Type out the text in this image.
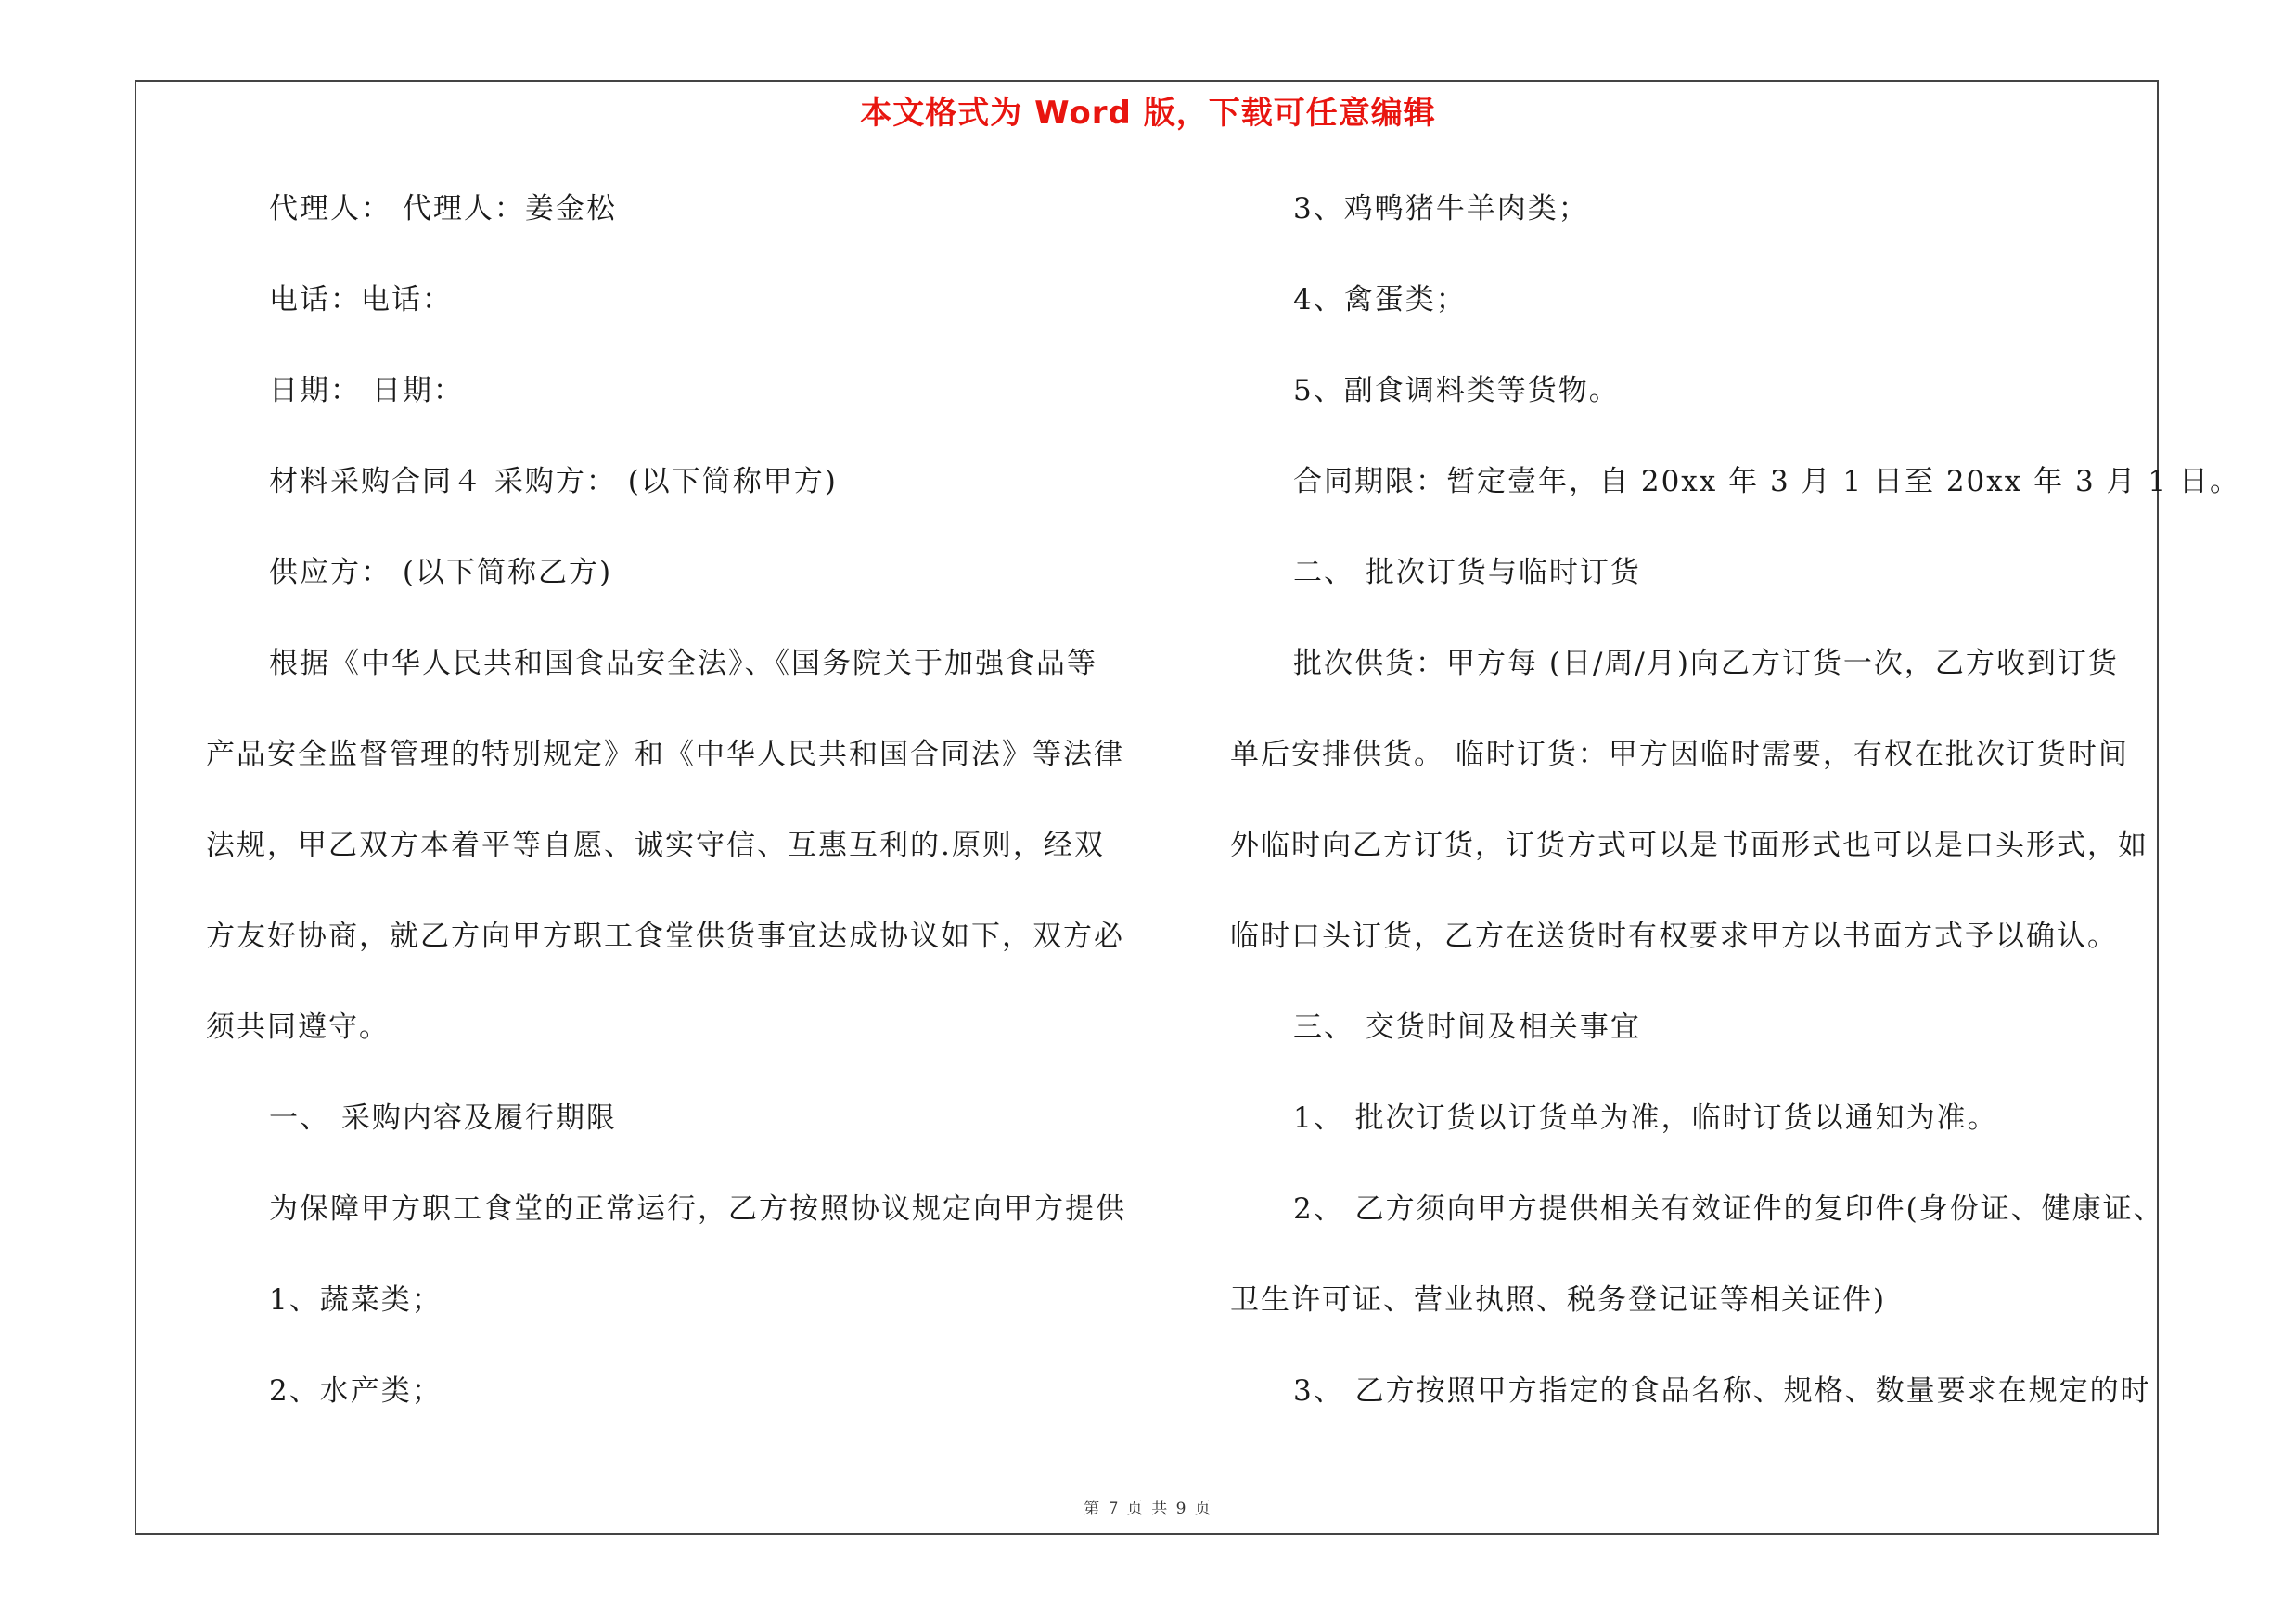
本文格式为 Word 版，下载可任意编辑
代理人： 代理人：姜金松
电话：电话：
日期： 日期：
材料采购合同４ 采购方： (以下简称甲方)
供应方： (以下简称乙方)
根据《中华人民共和国食品安全法》、《国务院关于加强食品等
产品安全监督管理的特别规定》和《中华人民共和国合同法》等法律
法规，甲乙双方本着平等自愿、诚实守信、互惠互利的.原则，经双
方友好协商，就乙方向甲方职工食堂供货事宜达成协议如下，双方必
须共同遵守。
一、 采购内容及履行期限
为保障甲方职工食堂的正常运行，乙方按照协议规定向甲方提供
1、蔬菜类；
2、水产类；
3、鸡鸭猪牛羊肉类；
4、禽蛋类；
5、副食调料类等货物。
合同期限：暂定壹年，自 20xx 年 3 月 1 日至 20xx 年 3 月 1 日。
二、 批次订货与临时订货
批次供货：甲方每 (日/周/月)向乙方订货一次，乙方收到订货
单后安排供货。 临时订货：甲方因临时需要，有权在批次订货时间
外临时向乙方订货，订货方式可以是书面形式也可以是口头形式，如
临时口头订货，乙方在送货时有权要求甲方以书面方式予以确认。
三、 交货时间及相关事宜
1、 批次订货以订货单为准，临时订货以通知为准。
2、 乙方须向甲方提供相关有效证件的复印件(身份证、健康证、
卫生许可证、营业执照、税务登记证等相关证件)
3、 乙方按照甲方指定的食品名称、规格、数量要求在规定的时
第 7 页 共 9 页
